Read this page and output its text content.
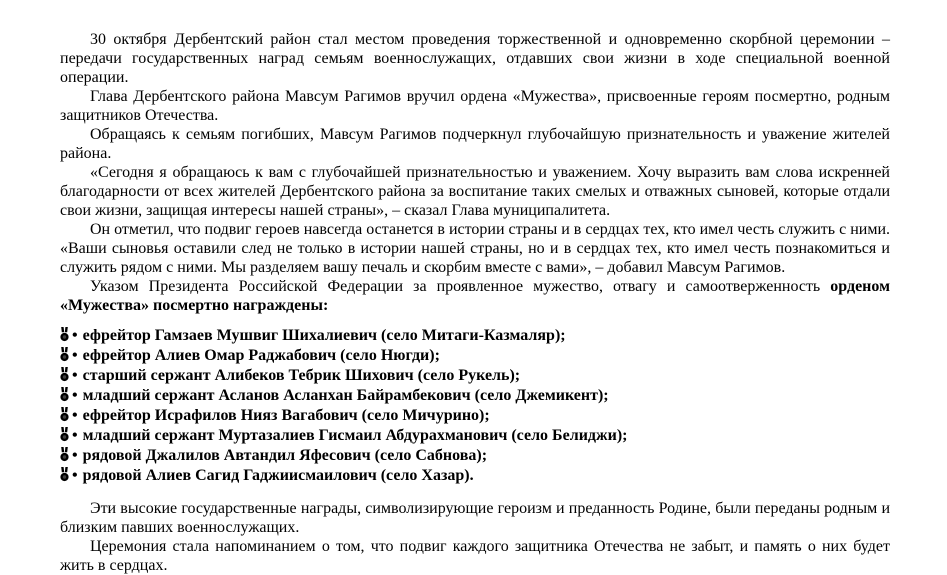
30 октября Дербентский район стал местом проведения торжественной и одновременно скорбной церемонии – передачи государственных наград семьям военнослужащих, отдавших свои жизни в ходе специальной военной операции.

Глава Дербентского района Мавсум Рагимов вручил ордена «Мужества», присвоенные героям посмертно, родным защитников Отечества.

Обращаясь к семьям погибших, Мавсум Рагимов подчеркнул глубочайшую признательность и уважение жителей района.

«Сегодня я обращаюсь к вам с глубочайшей признательностью и уважением. Хочу выразить вам слова искренней благодарности от всех жителей Дербентского района за воспитание таких смелых и отважных сыновей, которые отдали свои жизни, защищая интересы нашей страны», – сказал Глава муниципалитета.

Он отметил, что подвиг героев навсегда останется в истории страны и в сердцах тех, кто имел честь служить с ними. «Ваши сыновья оставили след не только в истории нашей страны, но и в сердцах тех, кто имел честь познакомиться и служить рядом с ними. Мы разделяем вашу печаль и скорбим вместе с вами», – добавил Мавсум Рагимов.

Указом Президента Российской Федерации за проявленное мужество, отвагу и самоотверженность орденом «Мужества» посмертно награждены:

• ефрейтор Гамзаев Мушвиг Шихалиевич (село Митаги-Казмаляр);
• ефрейтор Алиев Омар Раджабович (село Нюгди);
• старший сержант Алибеков Тебрик Шихович (село Рукель);
• младший сержант Асланов Асланхан Байрамбекович (село Джемикент);
• ефрейтор Исрафилов Нияз Вагабович (село Мичурино);
• младший сержант Муртазалиев Гисмаил Абдурахманович (село Белиджи);
• рядовой Джалилов Автандил Яфесович (село Сабнова);
• рядовой Алиев Сагид Гаджиисмаилович (село Хазар).

Эти высокие государственные награды, символизирующие героизм и преданность Родине, были переданы родным и близким павших военнослужащих.

Церемония стала напоминанием о том, что подвиг каждого защитника Отечества не забыт, и память о них будет жить в сердцах.
